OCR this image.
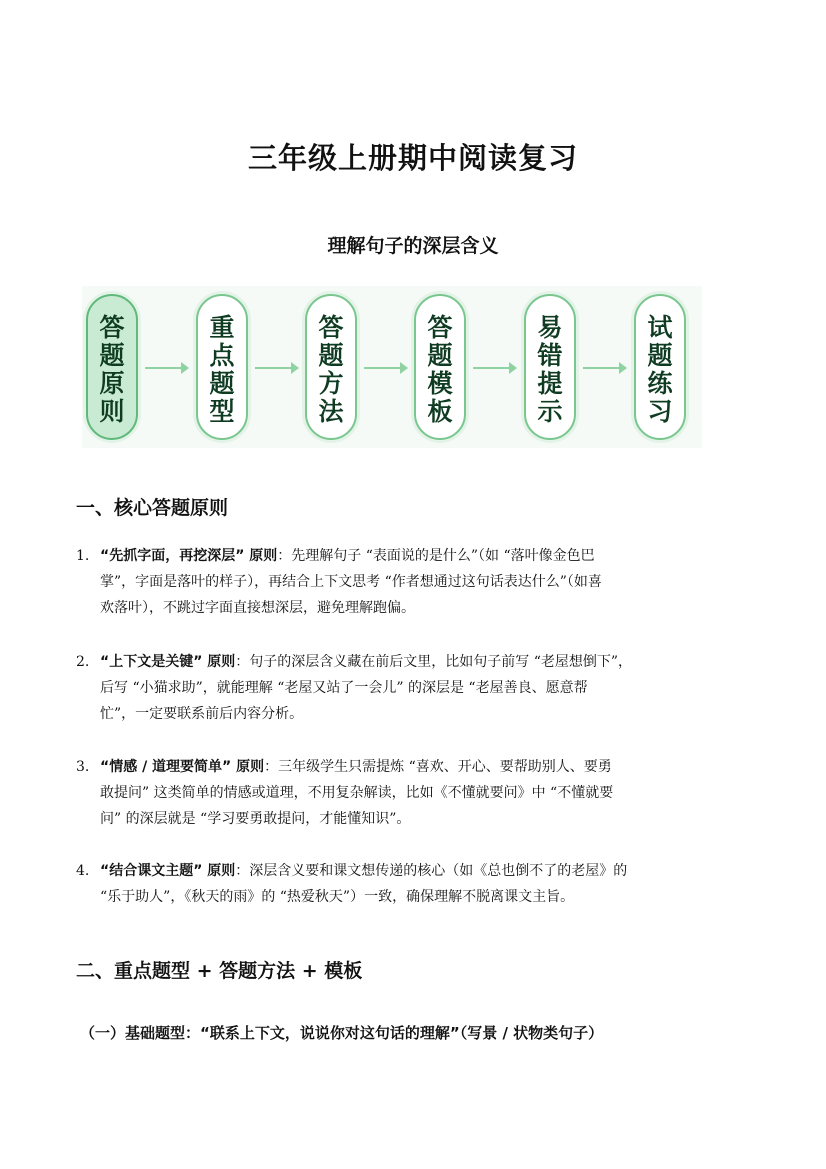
三年级上册期中阅读复习
理解句子的深层含义
答题原则
重点题型
答题方法
答题模板
易错提示
试题练习
一、核心答题原则
1. “先抓字面，再挖深层” 原则：先理解句子 “表面说的是什么”（如 “落叶像金色巴
掌”，字面是落叶的样子），再结合上下文思考 “作者想通过这句话表达什么”（如喜
欢落叶），不跳过字面直接想深层，避免理解跑偏。
2. “上下文是关键” 原则：句子的深层含义藏在前后文里，比如句子前写 “老屋想倒下”，
后写 “小猫求助”，就能理解 “老屋又站了一会儿” 的深层是 “老屋善良、愿意帮
忙”，一定要联系前后内容分析。
3. “情感 / 道理要简单” 原则：三年级学生只需提炼 “喜欢、开心、要帮助别人、要勇
敢提问” 这类简单的情感或道理，不用复杂解读，比如《不懂就要问》中 “不懂就要
问” 的深层就是 “学习要勇敢提问，才能懂知识”。
4. “结合课文主题” 原则：深层含义要和课文想传递的核心（如《总也倒不了的老屋》的
“乐于助人”，《秋天的雨》的 “热爱秋天”）一致，确保理解不脱离课文主旨。
二、重点题型 + 答题方法 + 模板
（一）基础题型：“联系上下文，说说你对这句话的理解”（写景 / 状物类句子）
